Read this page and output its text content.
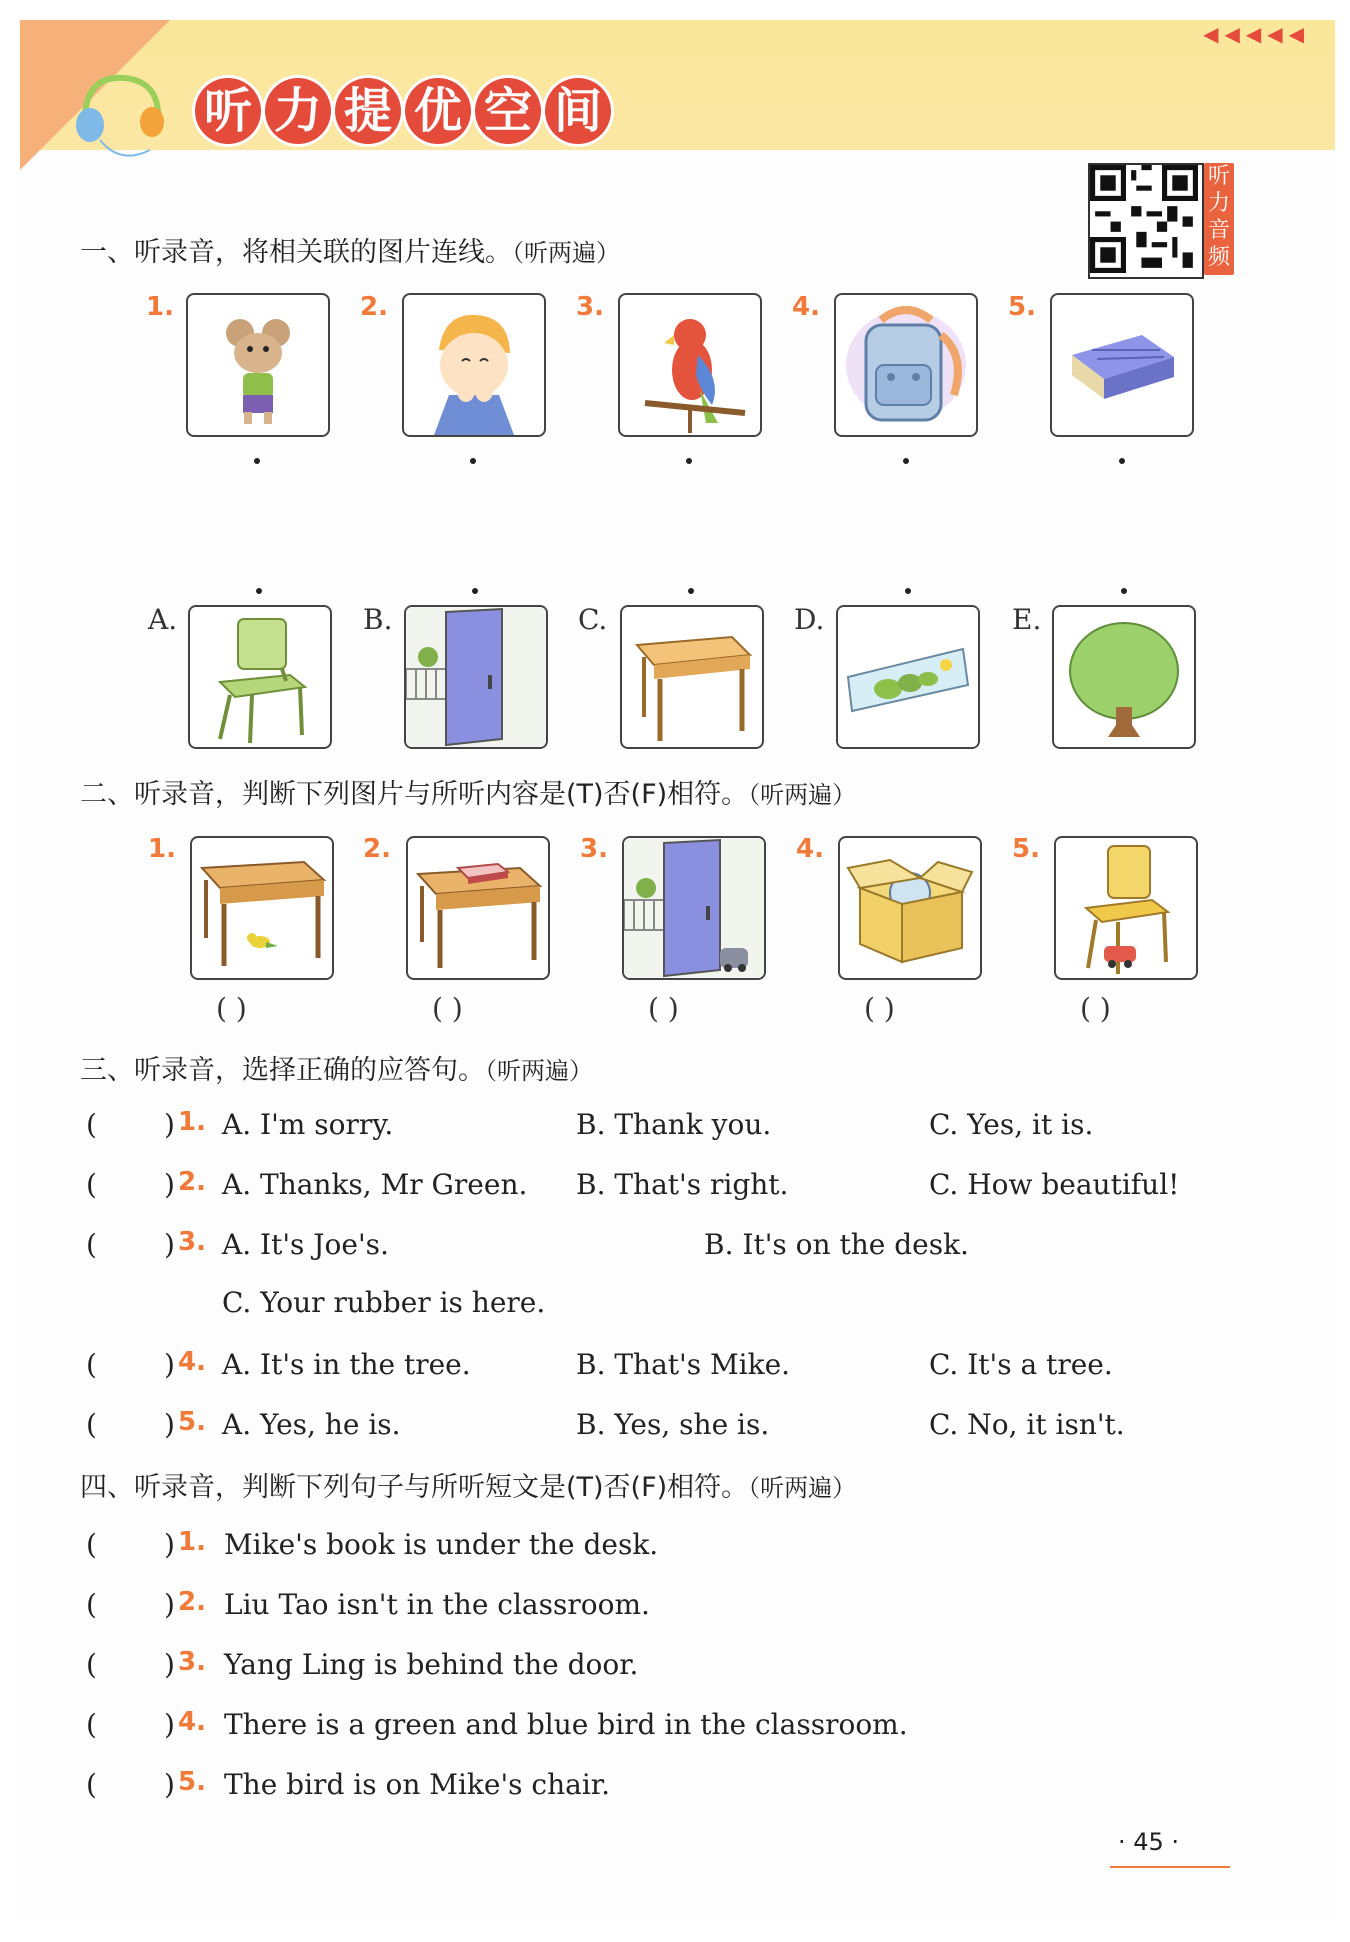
听 力 提 优 空 间
◀◀◀◀◀
听
力
音
频
一、听录音，将相关联的图片连线。（听两遍）
1.	2.	3.	4.	5.
A.	B.	C.	D.	E.
二、听录音，判断下列图片与所听内容是(T)否(F)相符。（听两遍）
1.	2.	3.	4.	5.
( )	( )	( )	( )	( )
三、听录音，选择正确的应答句。（听两遍）
( ) 1. A. I'm sorry.	B. Thank you.	C. Yes, it is.
( ) 2. A. Thanks, Mr Green. B. That's right.	C. How beautiful!
( ) 3. A. It's Joe's.	B. It's on the desk.
C. Your rubber is here.
( ) 4. A. It's in the tree.	B. That's Mike.	C. It's a tree.
( ) 5. A. Yes, he is.	B. Yes, she is.	C. No, it isn't.
四、听录音，判断下列句子与所听短文是(T)否(F)相符。（听两遍）
( ) 1. Mike's book is under the desk.
( ) 2. Liu Tao isn't in the classroom.
( ) 3. Yang Ling is behind the door.
( ) 4. There is a green and blue bird in the classroom.
( ) 5. The bird is on Mike's chair.
· 45 ·
